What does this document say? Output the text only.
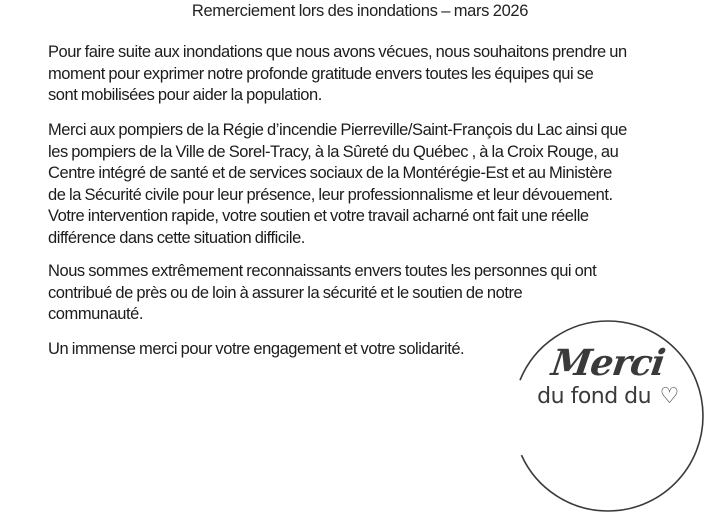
Remerciement lors des inondations – mars 2026
Pour faire suite aux inondations que nous avons vécues, nous souhaitons prendre un
moment pour exprimer notre profonde gratitude envers toutes les équipes qui se
sont mobilisées pour aider la population.
Merci aux pompiers de la Régie d’incendie Pierreville/Saint-François du Lac ainsi que
les pompiers de la Ville de Sorel-Tracy, à la Sûreté du Québec , à la Croix Rouge, au
Centre intégré de santé et de services sociaux de la Montérégie-Est et au Ministère
de la Sécurité civile pour leur présence, leur professionnalisme et leur dévouement.
Votre intervention rapide, votre soutien et votre travail acharné ont fait une réelle
différence dans cette situation difficile.
Nous sommes extrêmement reconnaissants envers toutes les personnes qui ont
contribué de près ou de loin à assurer la sécurité et le soutien de notre
communauté.
Un immense merci pour votre engagement et votre solidarité.	Merci
du fond du ♡
